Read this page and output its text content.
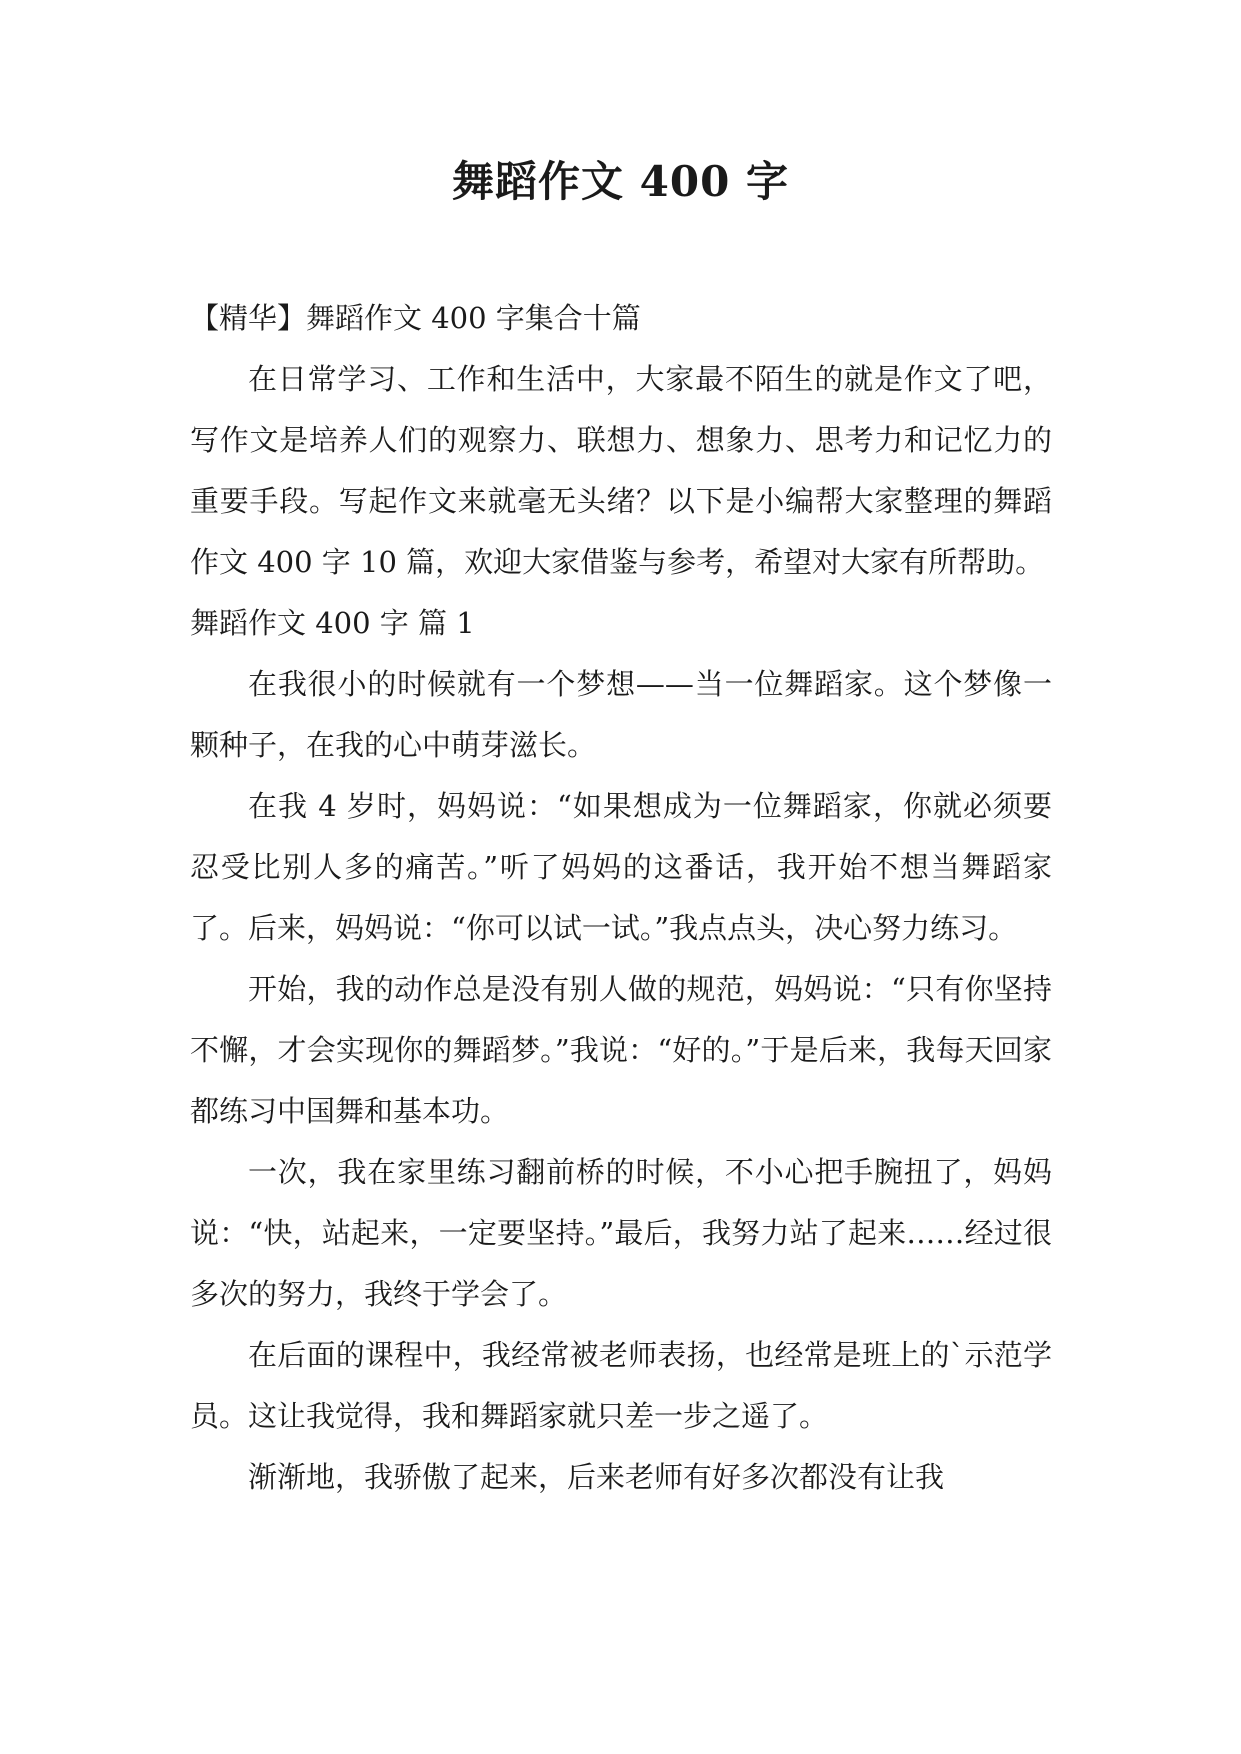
舞蹈作文 400 字

【精华】舞蹈作文 400 字集合十篇

在日常学习、工作和生活中，大家最不陌生的就是作文了吧，写作文是培养人们的观察力、联想力、想象力、思考力和记忆力的重要手段。写起作文来就毫无头绪？以下是小编帮大家整理的舞蹈作文 400 字 10 篇，欢迎大家借鉴与参考，希望对大家有所帮助。

舞蹈作文 400 字 篇 1

在我很小的时候就有一个梦想——当一位舞蹈家。这个梦像一颗种子，在我的心中萌芽滋长。

在我 4 岁时，妈妈说：“如果想成为一位舞蹈家，你就必须要忍受比别人多的痛苦。”听了妈妈的这番话，我开始不想当舞蹈家了。后来，妈妈说：“你可以试一试。”我点点头，决心努力练习。

开始，我的动作总是没有别人做的规范，妈妈说：“只有你坚持不懈，才会实现你的舞蹈梦。”我说：“好的。”于是后来，我每天回家都练习中国舞和基本功。

一次，我在家里练习翻前桥的时候，不小心把手腕扭了，妈妈说：“快，站起来，一定要坚持。”最后，我努力站了起来……经过很多次的努力，我终于学会了。

在后面的课程中，我经常被老师表扬，也经常是班上的`示范学员。这让我觉得，我和舞蹈家就只差一步之遥了。

渐渐地，我骄傲了起来，后来老师有好多次都没有让我
